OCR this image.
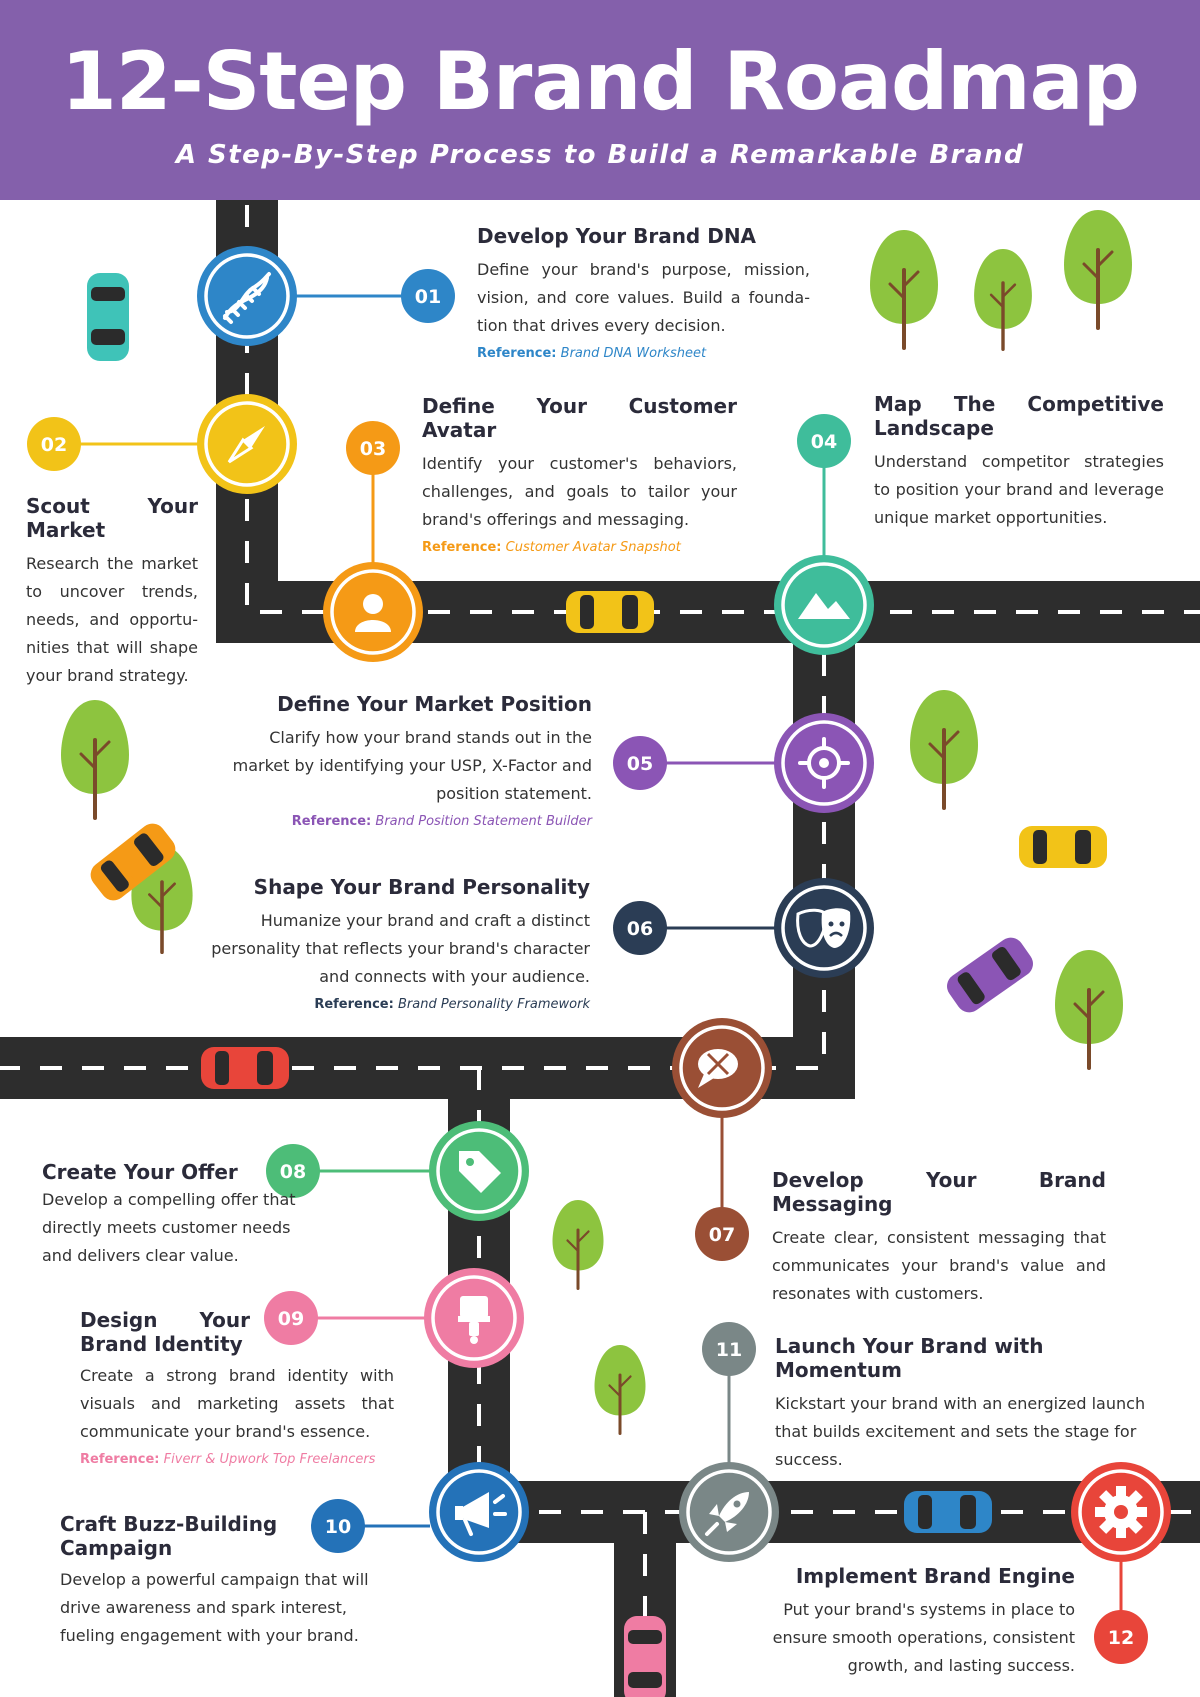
12-Step Brand Roadmap
A Step-By-Step Process to Build a Remarkable Brand
01
02	03	04
05
06
07
08
09
10
11
12
Develop Your Brand DNA

Define your brand's purpose, mission, vision, and core values. Build a founda-tion that drives every decision.

Reference: Brand DNA Worksheet
Scout Your Market

Research the market to uncover trends, needs, and opportu-nities that will shape your brand strategy.

Define Your Customer Avatar

Identify your customer's behaviors, challenges, and goals to tailor your brand's offerings and messaging.

Reference: Customer Avatar Snapshot
Map The Competitive Landscape

Understand competitor strategies to position your brand and leverage unique market opportunities.

Define Your Market Position

Clarify how your brand stands out in the market by identifying your USP, X-Factor and position statement.

Reference: Brand Position Statement Builder
Shape Your Brand Personality

Humanize your brand and craft a distinct personality that reflects your brand's character and connects with your audience.

Reference: Brand Personality Framework
Develop Your Brand Messaging

Create clear, consistent messaging that communicates your brand's value and resonates with customers.

Create Your Offer

Develop a compelling offer that directly meets customer needs and delivers clear value.

Design Your Brand Identity

Create a strong brand identity with visuals and marketing assets that communicate your brand's essence.

Reference: Fiverr & Upwork Top Freelancers
Launch Your Brand with Momentum

Kickstart your brand with an energized launch that builds excitement and sets the stage for success.

Craft Buzz-Building Campaign

Develop a powerful campaign that will drive awareness and spark interest, fueling engagement with your brand.

Implement Brand Engine

Put your brand's systems in place to ensure smooth operations, consistent growth, and lasting success.
